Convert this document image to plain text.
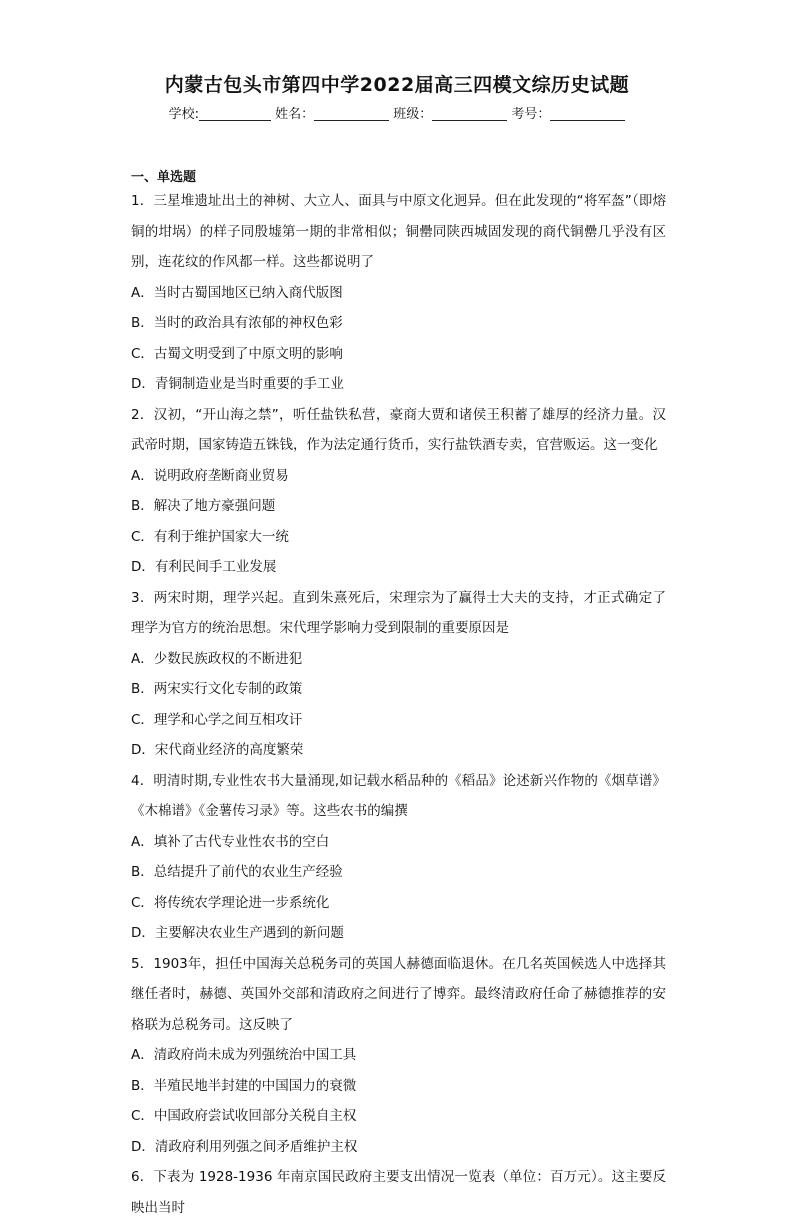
内蒙古包头市第四中学2022届高三四模文综历史试题
学校:	姓名：	班级：	考号：
一、单选题

1．三星堆遗址出土的神树、大立人、面具与中原文化迥异。但在此发现的“将军盔”（即熔铜的坩埚）的样子同殷墟第一期的非常相似；铜罍同陕西城固发现的商代铜罍几乎没有区别，连花纹的作风都一样。这些都说明了

A．当时古蜀国地区已纳入商代版图
B．当时的政治具有浓郁的神权色彩
C．古蜀文明受到了中原文明的影响
D．青铜制造业是当时重要的手工业

2．汉初，“开山海之禁”，听任盐铁私营，豪商大贾和诸侯王积蓄了雄厚的经济力量。汉武帝时期，国家铸造五铢钱，作为法定通行货币，实行盐铁酒专卖，官营贩运。这一变化

A．说明政府垄断商业贸易
B．解决了地方豪强问题
C．有利于维护国家大一统
D．有利民间手工业发展

3．两宋时期，理学兴起。直到朱熹死后，宋理宗为了赢得士大夫的支持，才正式确定了理学为官方的统治思想。宋代理学影响力受到限制的重要原因是

A．少数民族政权的不断进犯
B．两宋实行文化专制的政策
C．理学和心学之间互相攻讦
D．宋代商业经济的高度繁荣

4．明清时期,专业性农书大量涌现,如记载水稻品种的《稻品》论述新兴作物的《烟草谱》《木棉谱》《金薯传习录》等。这些农书的编撰

A．填补了古代专业性农书的空白
B．总结提升了前代的农业生产经验
C．将传统农学理论进一步系统化
D．主要解决农业生产遇到的新问题

5．1903年，担任中国海关总税务司的英国人赫德面临退休。在几名英国候选人中选择其继任者时，赫德、英国外交部和清政府之间进行了博弈。最终清政府任命了赫德推荐的安格联为总税务司。这反映了

A．清政府尚未成为列强统治中国工具
B．半殖民地半封建的中国国力的衰微
C．中国政府尝试收回部分关税自主权
D．清政府利用列强之间矛盾维护主权

6．下表为 1928-1936 年南京国民政府主要支出情况一览表（单位：百万元）。这主要反映出当时
